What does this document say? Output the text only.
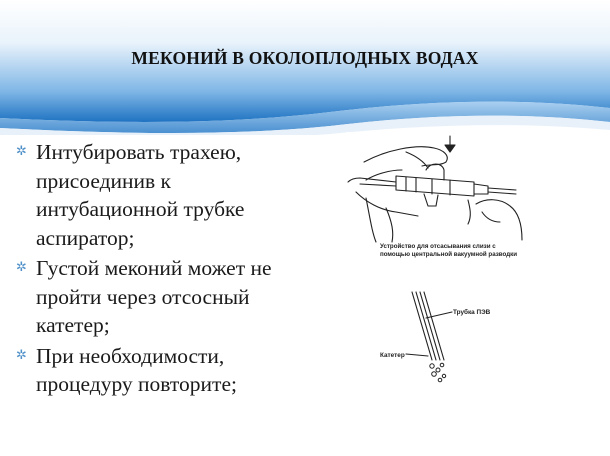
МЕКОНИЙ В ОКОЛОПЛОДНЫХ ВОДАХ
✲ Интубировать трахею, присоединив к интубационной трубке аспиратор;
✲ Густой меконий может не пройти через отсосный катетер;
✲ При необходимости, процедуру повторите;
Устройство для отсасывания слизи с
помощью центральной вакуумной разводки
Трубка ПЭВ
Катетер
